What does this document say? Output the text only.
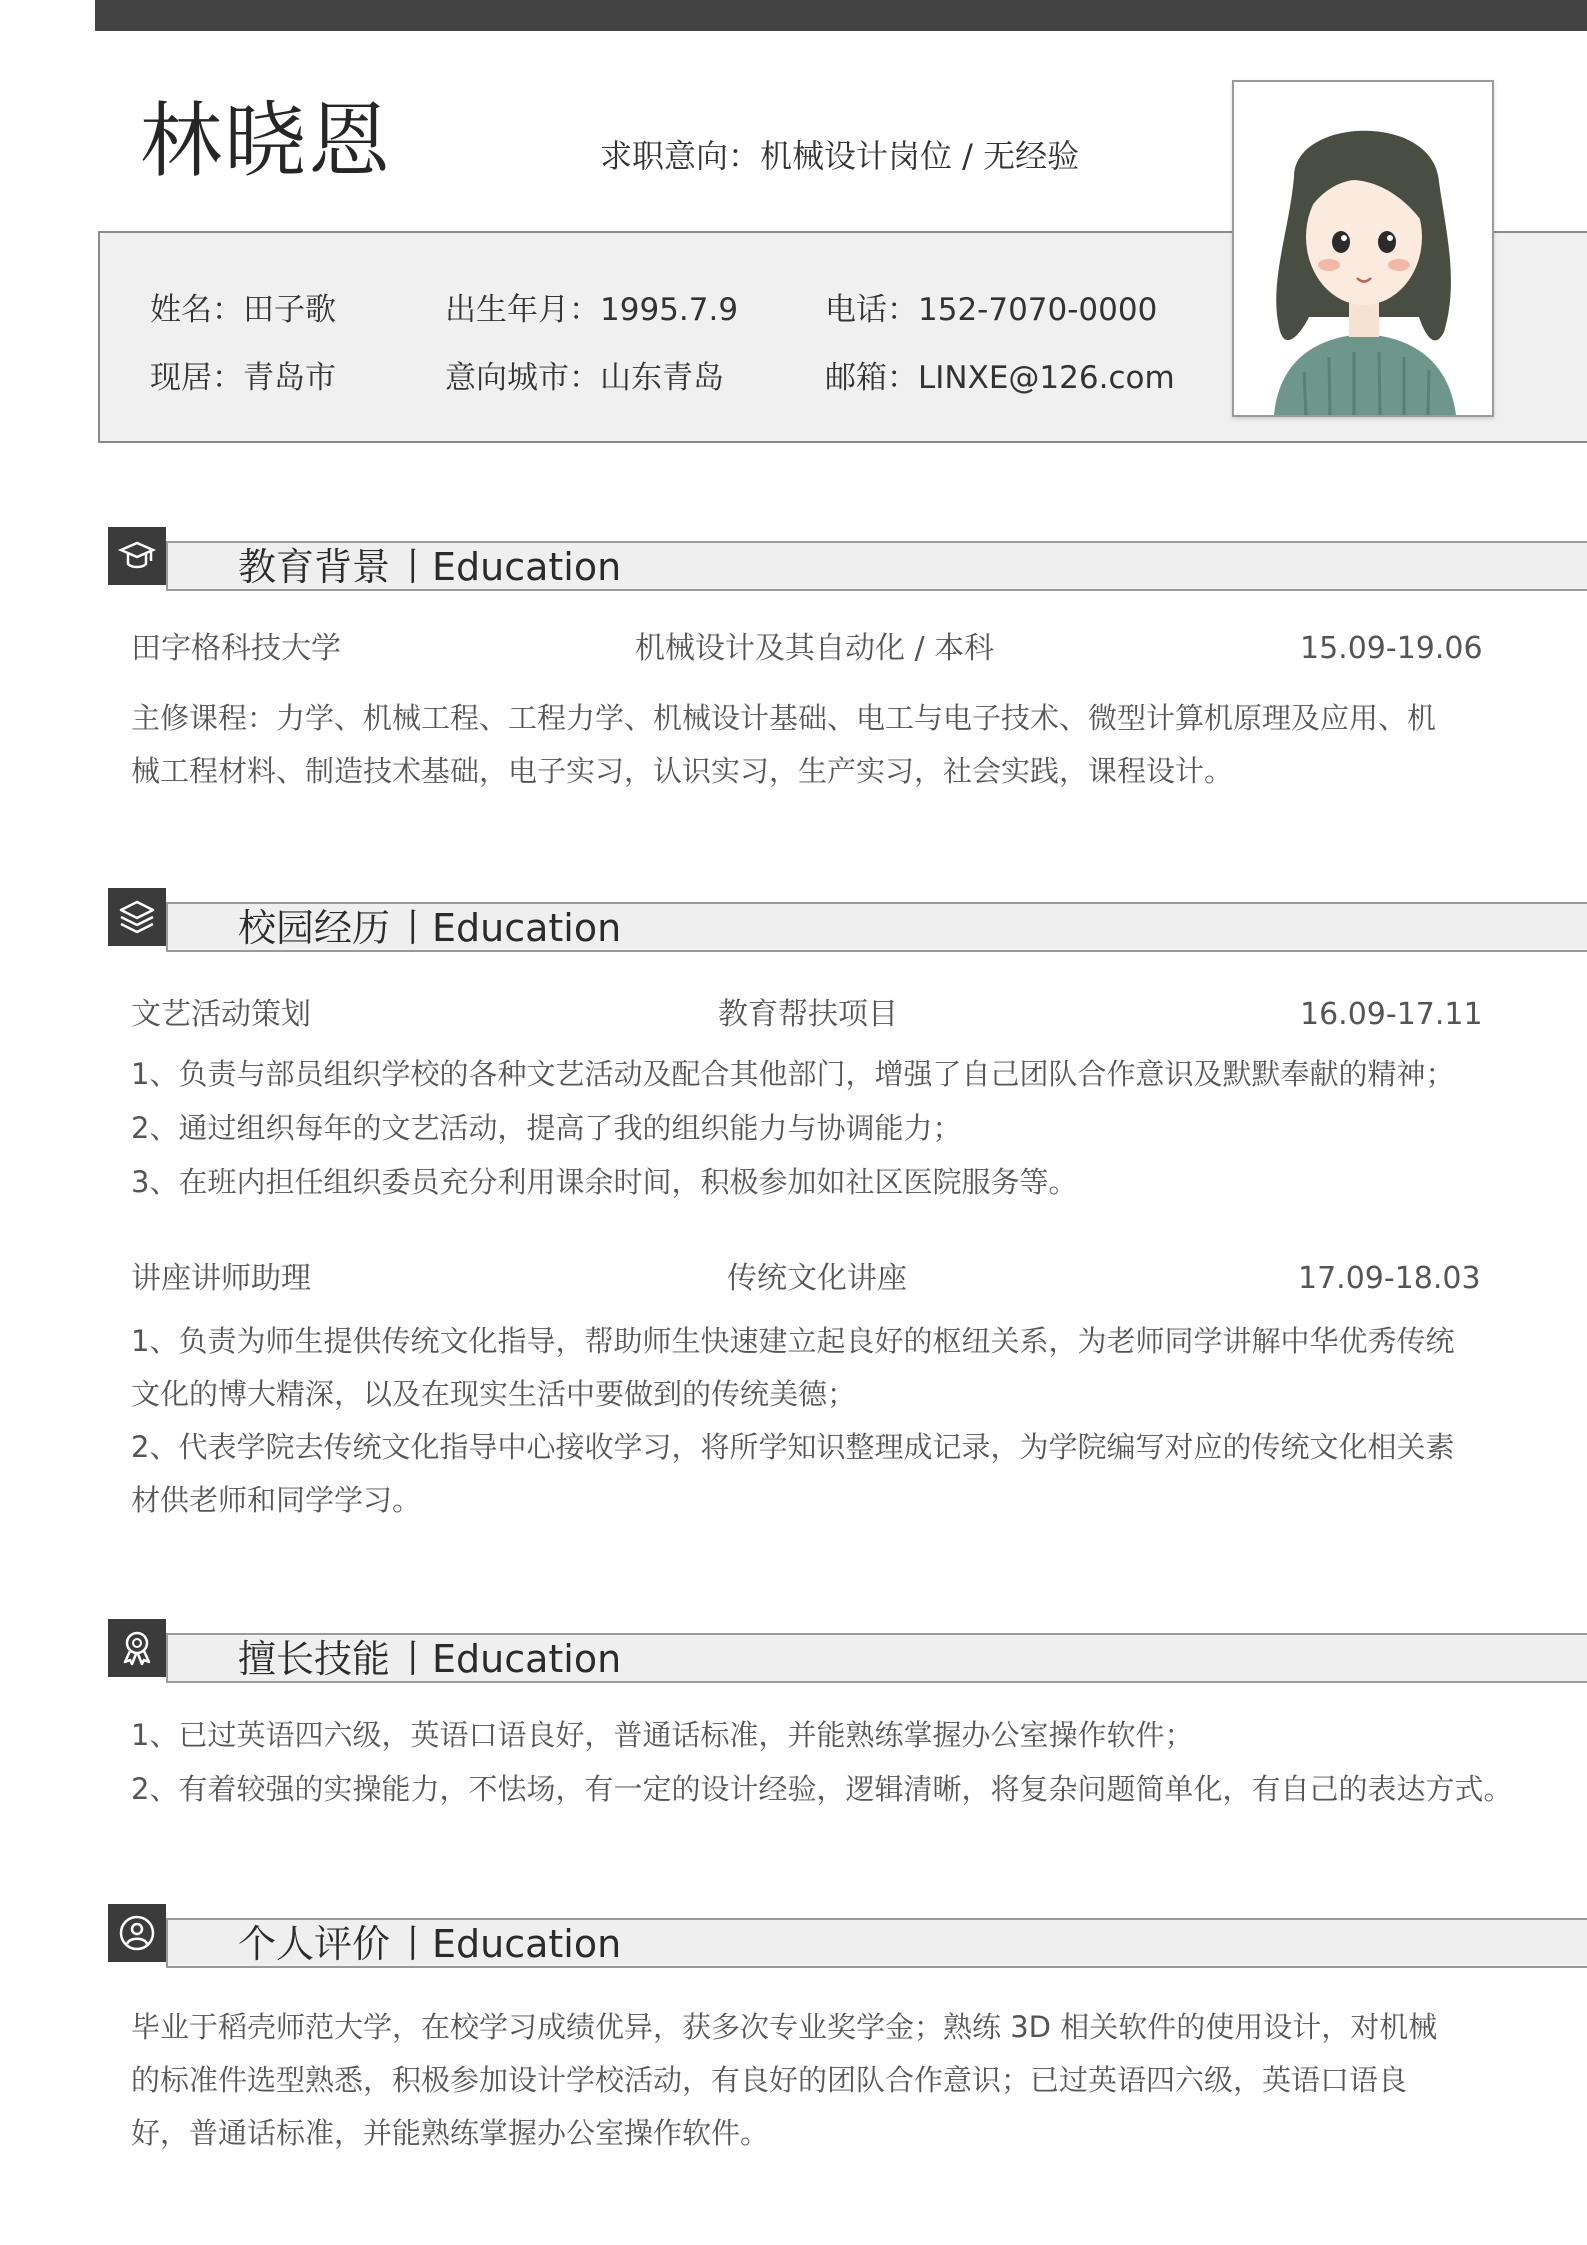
林晓恩	求职意向：机械设计岗位 / 无经验
姓名：田子歌	出生年月：1995.7.9	电话：152-7070-0000
现居：青岛市	意向城市：山东青岛	邮箱：LINXE@126.com
教育背景 丨Education
田字格科技大学	机械设计及其自动化 / 本科	15.09-19.06
主修课程：力学、机械工程、工程力学、机械设计基础、电工与电子技术、微型计算机原理及应用、机械工程材料、制造技术基础，电子实习，认识实习，生产实习，社会实践，课程设计。
校园经历 丨Education
文艺活动策划	教育帮扶项目	16.09-17.11
1、负责与部员组织学校的各种文艺活动及配合其他部门，增强了自己团队合作意识及默默奉献的精神；
2、通过组织每年的文艺活动，提高了我的组织能力与协调能力；
3、在班内担任组织委员充分利用课余时间，积极参加如社区医院服务等。
讲座讲师助理	传统文化讲座	17.09-18.03
1、负责为师生提供传统文化指导，帮助师生快速建立起良好的枢纽关系，为老师同学讲解中华优秀传统文化的博大精深，以及在现实生活中要做到的传统美德；
2、代表学院去传统文化指导中心接收学习，将所学知识整理成记录，为学院编写对应的传统文化相关素材供老师和同学学习。
擅长技能 丨Education
1、已过英语四六级，英语口语良好，普通话标准，并能熟练掌握办公室操作软件；
2、有着较强的实操能力，不怯场，有一定的设计经验，逻辑清晰，将复杂问题简单化，有自己的表达方式。
个人评价 丨Education
毕业于稻壳师范大学，在校学习成绩优异，获多次专业奖学金；熟练 3D 相关软件的使用设计，对机械的标准件选型熟悉，积极参加设计学校活动，有良好的团队合作意识；已过英语四六级，英语口语良好，普通话标准，并能熟练掌握办公室操作软件。
